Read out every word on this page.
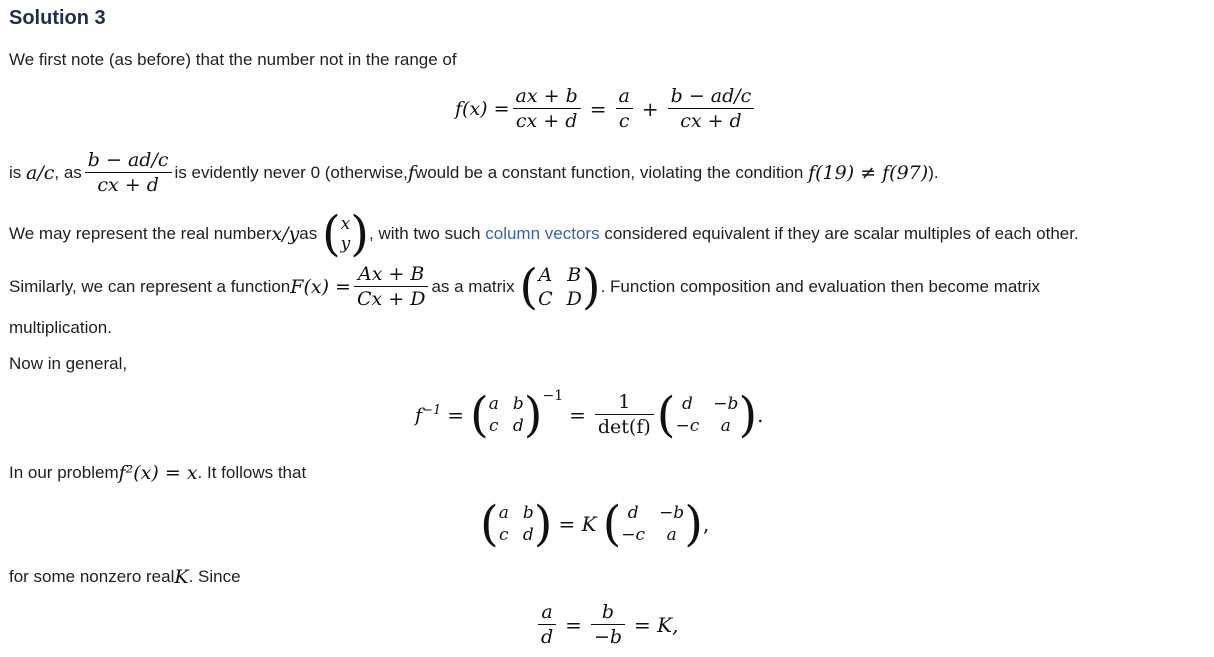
Solution 3
We first note (as before) that the number not in the range of
$f(x) = \frac{ax + b}{cx + d} = \frac{a}{c} + \frac{b - ad/c}{cx + d}$
is
a/c , as $\frac{b - ad/c}{cx + d}$ is evidently never 0 (otherwise, f would be a constant function, violating the condition
f(19) ≠ f(97) ).
We may represent the real number x/y as
( x
y ) , with two such
column vectors
considered equivalent if they are scalar multiples of each other.
Similarly, we can represent a function $F(x) = \frac{Ax + B}{Cx + D}$ as a matrix
( A B
C D ) . Function composition and evaluation then become matrix
multiplication.
Now in general,
$f^{-1}$ = ( a b
c d ) −1
= $\frac{1}{\det(f)}$ ( d	−b
−c	a ) .
In our problem f²(x) = x . It follows that
( a b
c d ) = K ( d	−b
−c	a ) ,
for some nonzero real K . Since
$\frac{a}{d} = \frac{b}{-b} = K$,
